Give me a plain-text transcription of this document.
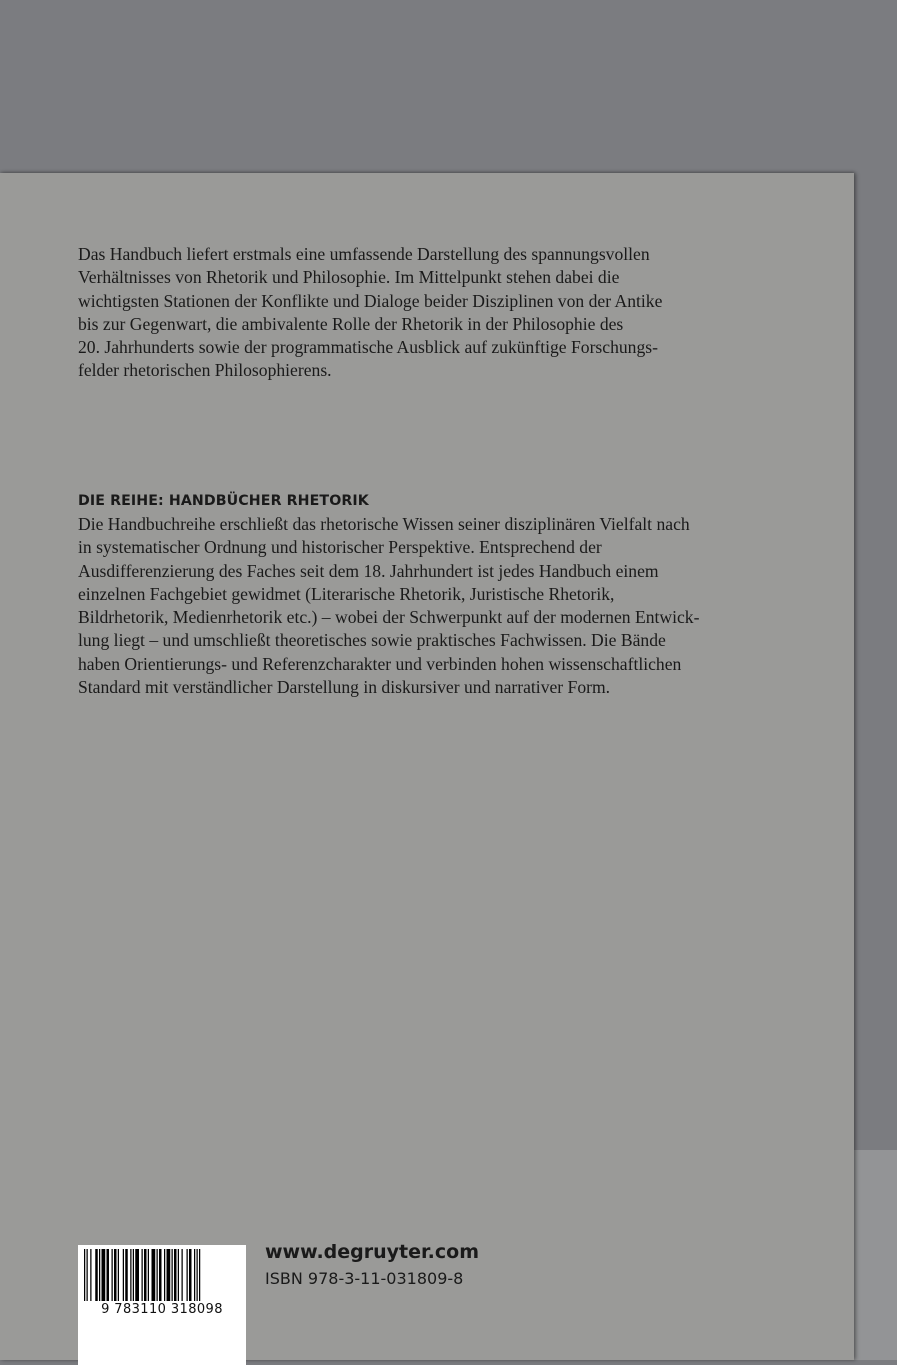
Das Handbuch liefert erstmals eine umfassende Darstellung des spannungsvollen
Verhältnisses von Rhetorik und Philosophie. Im Mittelpunkt stehen dabei die
wichtigsten Stationen der Konflikte und Dialoge beider Disziplinen von der Antike
bis zur Gegenwart, die ambivalente Rolle der Rhetorik in der Philosophie des
20. Jahrhunderts sowie der programmatische Ausblick auf zukünftige Forschungs-
felder rhetorischen Philosophierens.
DIE REIHE: HANDBÜCHER RHETORIK
Die Handbuchreihe erschließt das rhetorische Wissen seiner disziplinären Vielfalt nach
in systematischer Ordnung und historischer Perspektive. Entsprechend der
Ausdifferenzierung des Faches seit dem 18. Jahrhundert ist jedes Handbuch einem
einzelnen Fachgebiet gewidmet (Literarische Rhetorik, Juristische Rhetorik,
Bildrhetorik, Medienrhetorik etc.) – wobei der Schwerpunkt auf der modernen Entwick-
lung liegt – und umschließt theoretisches sowie praktisches Fachwissen. Die Bände
haben Orientierungs- und Referenzcharakter und verbinden hohen wissenschaftlichen
Standard mit verständlicher Darstellung in diskursiver und narrativer Form.
9 783110 318098
www.degruyter.com
ISBN 978-3-11-031809-8
